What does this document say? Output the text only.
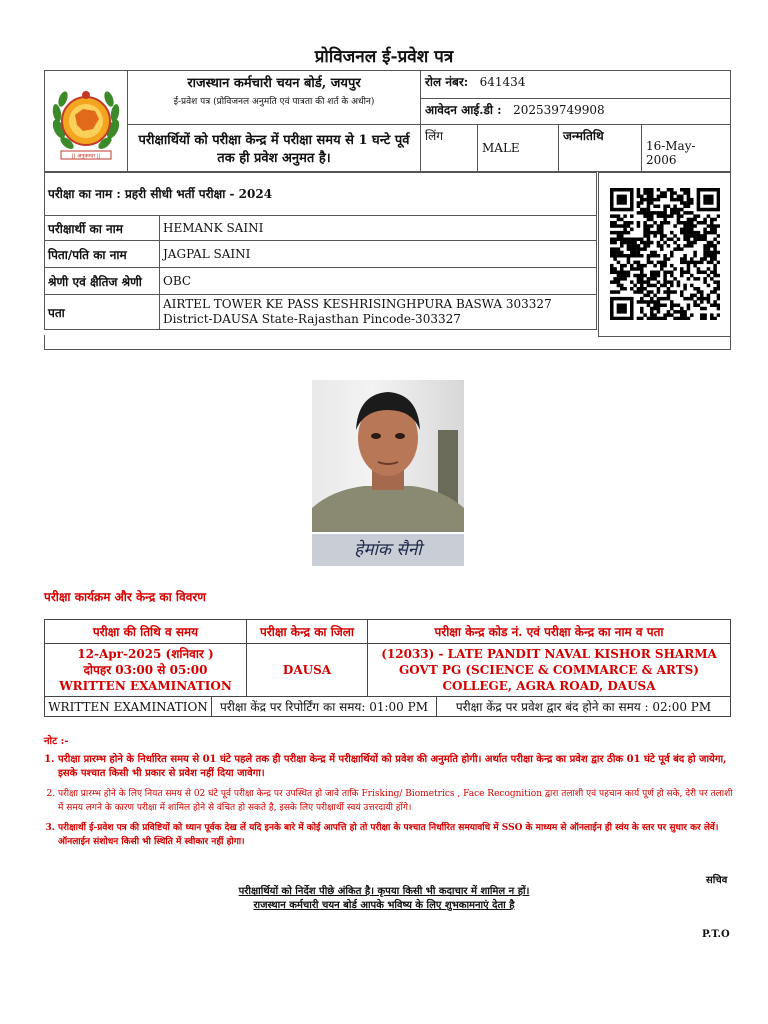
प्रोविजनल ई-प्रवेश पत्र
|| अनुकम्पा ||	राजस्थान कर्मचारी चयन बोर्ड, जयपुर
ई-प्रवेश पत्र (प्रोविजनल अनुमति एवं पात्रता की शर्त के अधीन)	रोल नंबर: 641434		
		आवेदन आई.डी : 202539749908		
	परीक्षार्थियों को परीक्षा केन्द्र में परीक्षा समय से 1 घन्टे पूर्व तक ही प्रवेश अनुमत है।	लिंग	MALE	जन्मतिथि
16-May-2006
परीक्षा का नाम : प्रहरी सीधी भर्ती परीक्षा - 2024	
परीक्षार्थी का नाम	HEMANK SAINI
पिता/पति का नाम	JAGPAL SAINI
श्रेणी एवं क्षैतिज श्रेणी	OBC
पता	AIRTEL TOWER KE PASS KESHRISINGHPURA BASWA 303327 District-DAUSA State-Rajasthan Pincode-303327
हेमांक सैनी
परीक्षा कार्यक्रम और केन्द्र का विवरण
परीक्षा की तिथि व समय	परीक्षा केन्द्र का जिला	परीक्षा केन्द्र कोड नं. एवं परीक्षा केन्द्र का नाम व पता

12-Apr-2025 (शनिवार )
दोपहर 03:00 से 05:00 WRITTEN EXAMINATION	DAUSA	(12033) - LATE PANDIT NAVAL KISHOR SHARMA GOVT PG (SCIENCE & COMMARCE & ARTS) COLLEGE, AGRA ROAD, DAUSA
WRITTEN EXAMINATION	परीक्षा केंद्र पर रिपोर्टिंग का समय: 01:00 PM	परीक्षा केंद्र पर प्रवेश द्वार बंद होने का समय : 02:00 PM
नोट :-
1. परीक्षा प्रारम्भ होने के निर्धारित समय से 01 घंटे पहले तक ही परीक्षा केन्द्र में परीक्षार्थियों को प्रवेश की अनुमति होगी। अर्थात परीक्षा केन्द्र का प्रवेश द्वार ठीक 01 घंटे पूर्व बंद हो जायेगा, इसके पश्चात किसी भी प्रकार से प्रवेश नहीं दिया जावेगा।
2. परीक्षा प्रारम्भ होने के लिए नियत समय से 02 घंटे पूर्व परीक्षा केन्द्र पर उपस्थित हो जावे ताकि Frisking/ Biometrics , Face Recognition द्वारा तलाशी एवं पहचान कार्य पूर्ण हो सके, देरी पर तलाशी में समय लगने के कारण परीक्षा में शामिल होने से वंचित हो सकते है, इसके लिए परीक्षार्थी स्वयं उत्तरदायी होंगे।
3. परीक्षार्थी ई-प्रवेश पत्र की प्रविष्टियों को ध्यान पूर्वक देख लें यदि इनके बारे में कोई आपत्ति हो तो परीक्षा के पश्चात निर्धारित समयावधि में SSO के माध्यम से ऑनलाईन ही स्वंय के स्तर पर सुधार कर लेवें। ऑनलाईन संशोधन किसी भी स्थिति में स्वीकार नहीं होगा।
सचिव
परीक्षार्थियों को निर्देश पीछे अंकित है। कृपया किसी भी कदाचार में शामिल न हों।
राजस्थान कर्मचारी चयन बोर्ड आपके भविष्य के लिए शुभकामनाएं देता है
P.T.O
